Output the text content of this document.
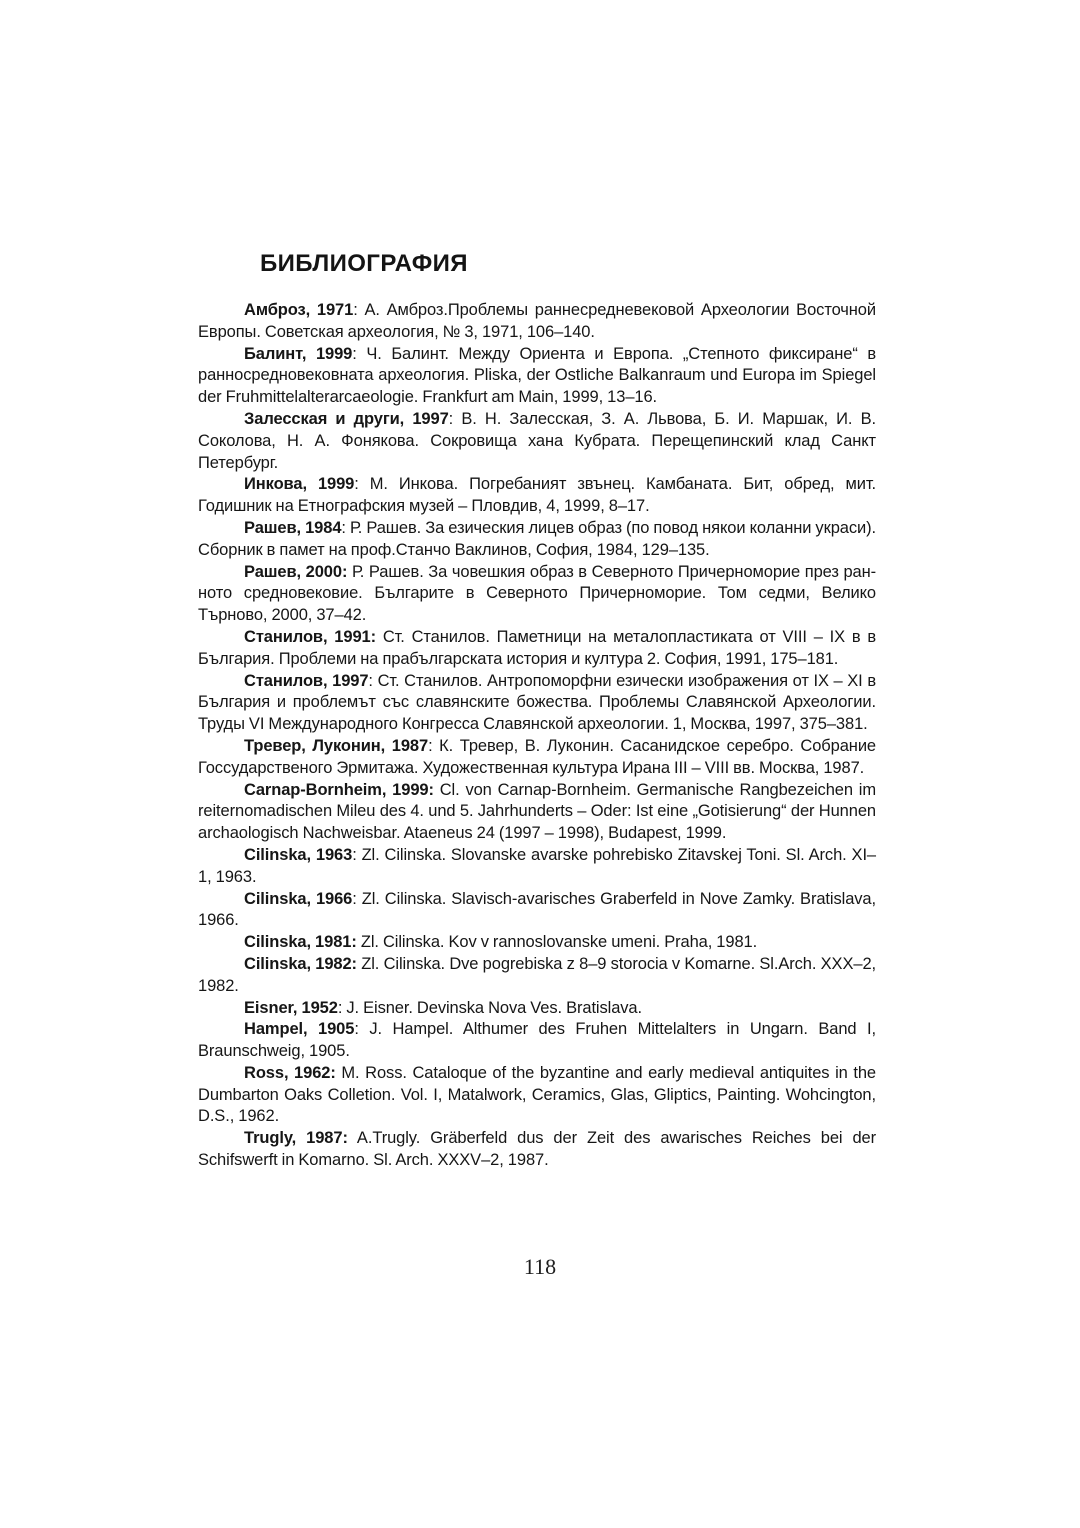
БИБЛИОГРАФИЯ

Амброз, 1971: А. Амброз.Проблемы раннесредневековой Археологии Восточной Европы. Советская археология, № 3, 1971, 106–140.

Балинт, 1999: Ч. Балинт. Между Ориента и Европа. „Степното фиксиране“ в ранносредновековната археология. Pliska, der Ostliche Balkanraum und Europa im Spiegel der Fruhmittelalterarcaeologie. Frankfurt am Main, 1999, 13–16.

Залесская и други, 1997: В. Н. Залесская, З. А. Львова, Б. И. Маршак, И. В. Соколова, Н. А. Фонякова. Сокровища хана Кубрата. Перещепинский клад Санкт Петербург.

Инкова, 1999: М. Инкова. Погребаният звънец. Камбаната. Бит, обред, мит. Годишник на Етнографския музей – Пловдив, 4, 1999, 8–17.

Рашев, 1984: Р. Рашев. За езическия лицев образ (по повод някои коланни украси). Сборник в памет на проф.Станчо Ваклинов, София, 1984, 129–135.

Рашев, 2000: Р. Рашев. За човешкия образ в Северното Причерноморие през ран-ното средновековие. Българите в Северното Причерноморие. Том седми, Велико Търново, 2000, 37–42.

Станилов, 1991: Ст. Станилов. Паметници на металопластиката от VIII – IX в в България. Проблеми на прабългарската история и култура 2. София, 1991, 175–181.

Станилов, 1997: Ст. Станилов. Антропоморфни езически изображения от IX – XI в България и проблемът със славянските божества. Проблемы Славянской Археологии. Труды VI Международного Конгресса Славянской археологии. 1, Москва, 1997, 375–381.

Тревер, Луконин, 1987: К. Тревер, В. Луконин. Сасанидское серебро. Собрание Госсударственого Эрмитажа. Художественная культура Ирана III – VIII вв. Москва, 1987.

Carnap-Bornheim, 1999: Cl. von Carnap-Bornheim. Germanische Rangbezeichen im reiternomadischen Mileu des 4. und 5. Jahrhunderts – Oder: Ist eine „Gotisierung“ der Hunnen archaologisch Nachweisbar. Ataeneus 24 (1997 – 1998), Budapest, 1999.

Cilinska, 1963: Zl. Cilinska. Slovanske avarske pohrebisko Zitavskej Toni. Sl. Arch. XI–1, 1963.

Cilinska, 1966: Zl. Cilinska. Slavisch-avarisches Graberfeld in Nove Zamky. Bratislava, 1966.

Cilinska, 1981: Zl. Cilinska. Kov v rannoslovanske umeni. Praha, 1981.

Cilinska, 1982: Zl. Cilinska. Dve pogrebiska z 8–9 storocia v Komarne. Sl.Arch. XXX–2, 1982.

Eisner, 1952: J. Eisner. Devinska Nova Ves. Bratislava.

Hampel, 1905: J. Hampel. Althumer des Fruhen Mittelalters in Ungarn. Band I, Braunschweig, 1905.

Ross, 1962: M. Ross. Cataloque of the byzantine and early medieval antiquites in the Dumbarton Oaks Colletion. Vol. I, Matalwork, Ceramics, Glas, Gliptics, Painting. Wohcington, D.S., 1962.

Trugly, 1987: A.Trugly. Gräberfeld dus der Zeit des awarisches Reiches bei der Schifswerft in Komarno. Sl. Arch. XXXV–2, 1987.

118
